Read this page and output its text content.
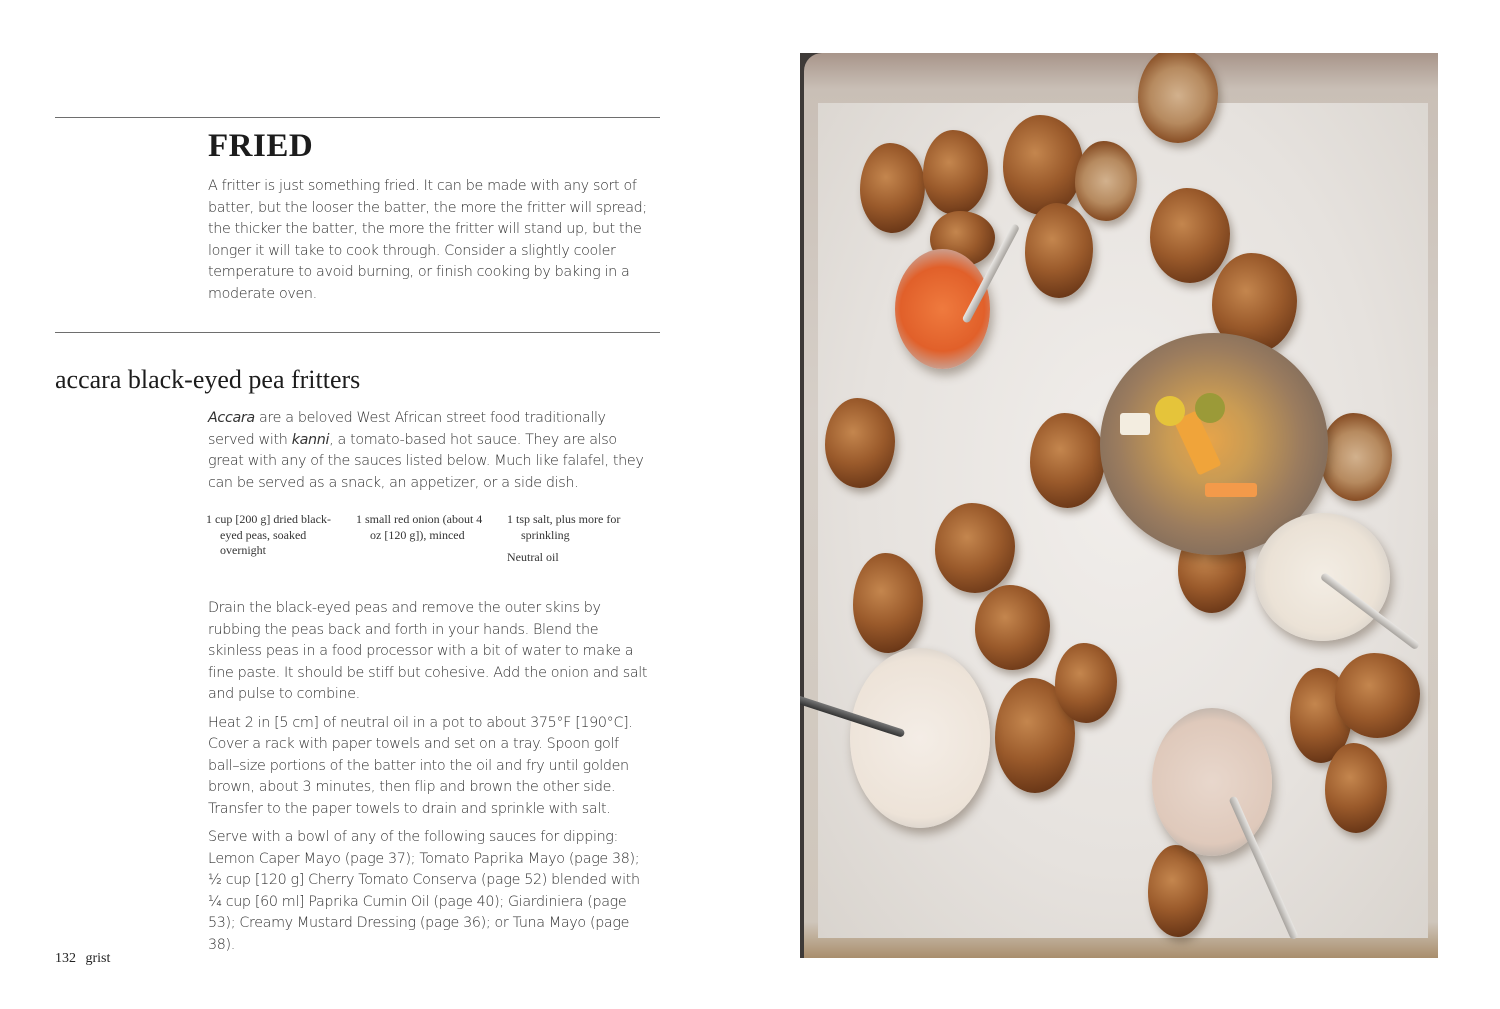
FRIED
A fritter is just something fried. It can be made with any sort of batter, but the looser the batter, the more the fritter will spread; the thicker the batter, the more the fritter will stand up, but the longer it will take to cook through. Consider a slightly cooler temperature to avoid burning, or finish cooking by baking in a moderate oven.
accara black-eyed pea fritters
Accara are a beloved West African street food traditionally served with kanni, a tomato-based hot sauce. They are also great with any of the sauces listed below. Much like falafel, they can be served as a snack, an appetizer, or a side dish.
1 cup [200 g] dried black-eyed peas, soaked overnight
1 small red onion (about 4 oz [120 g]), minced
1 tsp salt, plus more for sprinkling
Neutral oil

Drain the black-eyed peas and remove the outer skins by rubbing the peas back and forth in your hands. Blend the skinless peas in a food processor with a bit of water to make a fine paste. It should be stiff but cohesive. Add the onion and salt and pulse to combine.

Heat 2 in [5 cm] of neutral oil in a pot to about 375°F [190°C]. Cover a rack with paper towels and set on a tray. Spoon golf ball–size portions of the batter into the oil and fry until golden brown, about 3 minutes, then flip and brown the other side. Transfer to the paper towels to drain and sprinkle with salt.

Serve with a bowl of any of the following sauces for dipping: Lemon Caper Mayo (page 37); Tomato Paprika Mayo (page 38); ½ cup [120 g] Cherry Tomato Conserva (page 52) blended with ¼ cup [60 ml] Paprika Cumin Oil (page 40); Giardiniera (page 53); Creamy Mustard Dressing (page 36); or Tuna Mayo (page 38).

132 grist
